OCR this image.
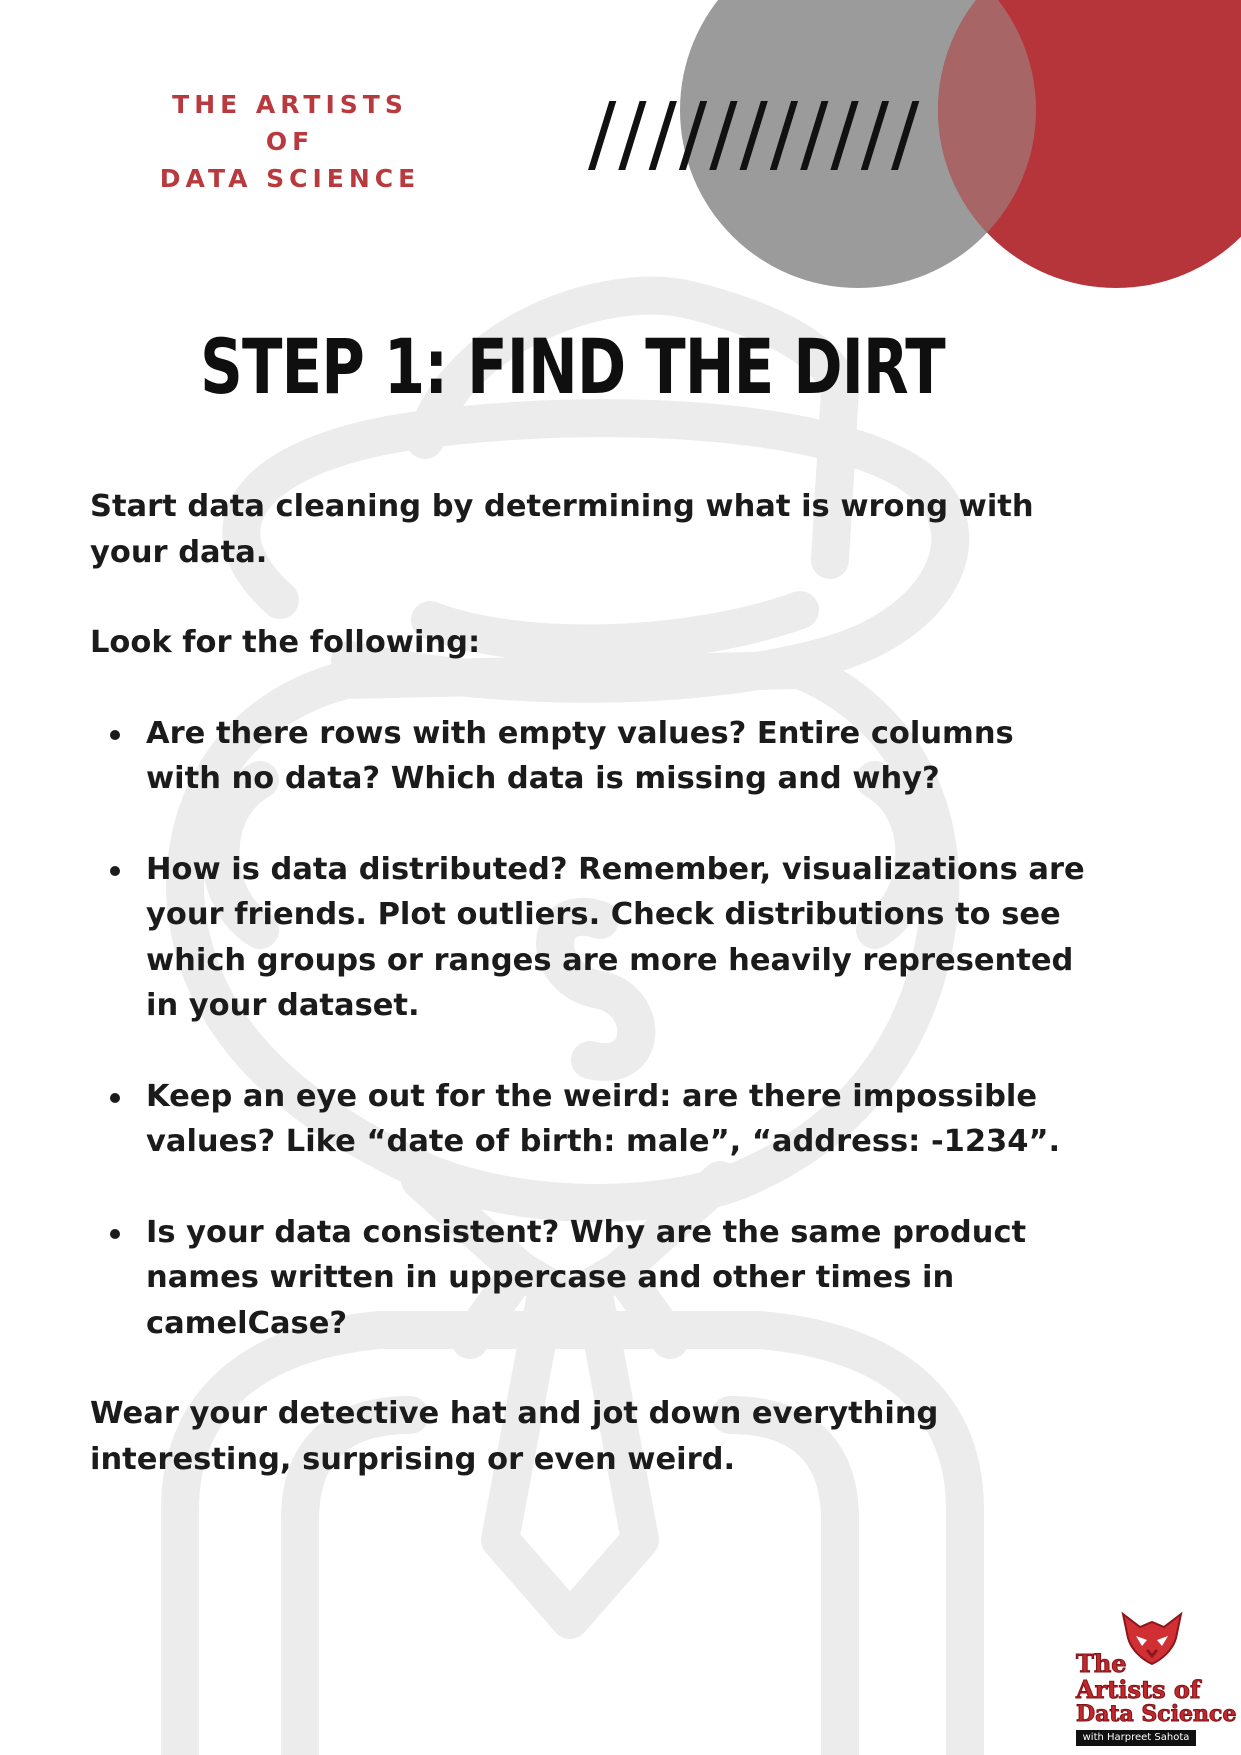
THE ARTISTS
OF
DATA SCIENCE ///////////
STEP 1: FIND THE DIRT

Start data cleaning by determining what is wrong with your data.

Look for the following:

Are there rows with empty values? Entire columns with no data? Which data is missing and why?
How is data distributed? Remember, visualizations are your friends. Plot outliers. Check distributions to see which groups or ranges are more heavily represented in your dataset.
Keep an eye out for the weird: are there impossible values? Like “date of birth: male”, “address: -1234”.
Is your data consistent? Why are the same product names written in uppercase and other times in camelCase?

Wear your detective hat and jot down everything interesting, surprising or even weird.

The
Artists of
Data Science
with Harpreet Sahota
